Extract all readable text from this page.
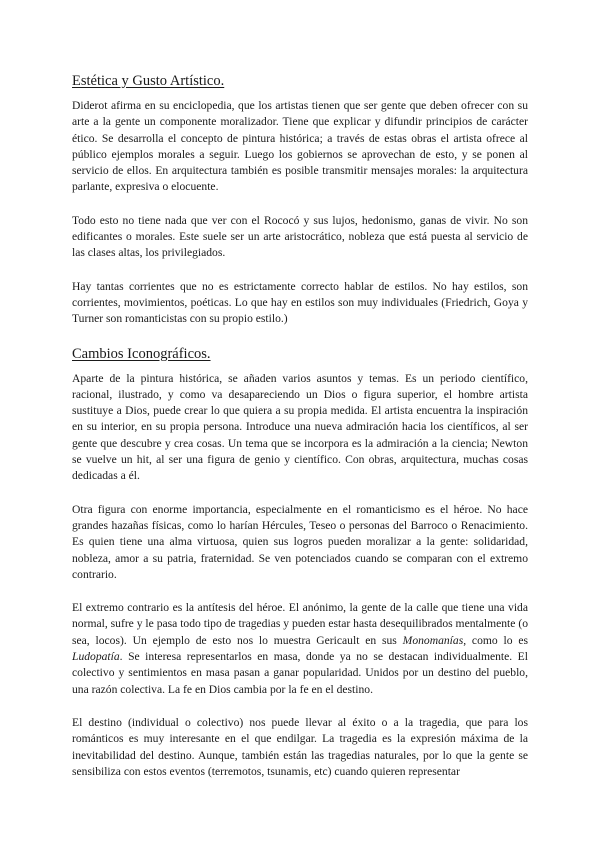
Estética y Gusto Artístico.

Diderot afirma en su enciclopedia, que los artistas tienen que ser gente que deben ofrecer con su arte a la gente un componente moralizador. Tiene que explicar y difundir principios de carácter ético. Se desarrolla el concepto de pintura histórica; a través de estas obras el artista ofrece al público ejemplos morales a seguir. Luego los gobiernos se aprovechan de esto, y se ponen al servicio de ellos. En arquitectura también es posible transmitir mensajes morales: la arquitectura parlante, expresiva o elocuente.

Todo esto no tiene nada que ver con el Rococó y sus lujos, hedonismo, ganas de vivir. No son edificantes o morales. Este suele ser un arte aristocrático, nobleza que está puesta al servicio de las clases altas, los privilegiados.

Hay tantas corrientes que no es estrictamente correcto hablar de estilos. No hay estilos, son corrientes, movimientos, poéticas. Lo que hay en estilos son muy individuales (Friedrich, Goya y Turner son romanticistas con su propio estilo.)

Cambios Iconográficos.

Aparte de la pintura histórica, se añaden varios asuntos y temas. Es un periodo científico, racional, ilustrado, y como va desapareciendo un Dios o figura superior, el hombre artista sustituye a Dios, puede crear lo que quiera a su propia medida. El artista encuentra la inspiración en su interior, en su propia persona. Introduce una nueva admiración hacia los científicos, al ser gente que descubre y crea cosas. Un tema que se incorpora es la admiración a la ciencia; Newton se vuelve un hit, al ser una figura de genio y científico. Con obras, arquitectura, muchas cosas dedicadas a él.

Otra figura con enorme importancia, especialmente en el romanticismo es el héroe. No hace grandes hazañas físicas, como lo harían Hércules, Teseo o personas del Barroco o Renacimiento. Es quien tiene una alma virtuosa, quien sus logros pueden moralizar a la gente: solidaridad, nobleza, amor a su patria, fraternidad. Se ven potenciados cuando se comparan con el extremo contrario.

El extremo contrario es la antítesis del héroe. El anónimo, la gente de la calle que tiene una vida normal, sufre y le pasa todo tipo de tragedias y pueden estar hasta desequilibrados mentalmente (o sea, locos). Un ejemplo de esto nos lo muestra Gericault en sus Monomanías, como lo es Ludopatía. Se interesa representarlos en masa, donde ya no se destacan individualmente. El colectivo y sentimientos en masa pasan a ganar popularidad. Unidos por un destino del pueblo, una razón colectiva. La fe en Dios cambia por la fe en el destino.

El destino (individual o colectivo) nos puede llevar al éxito o a la tragedia, que para los románticos es muy interesante en el que endilgar. La tragedia es la expresión máxima de la inevitabilidad del destino. Aunque, también están las tragedias naturales, por lo que la gente se sensibiliza con estos eventos (terremotos, tsunamis, etc) cuando quieren representar
